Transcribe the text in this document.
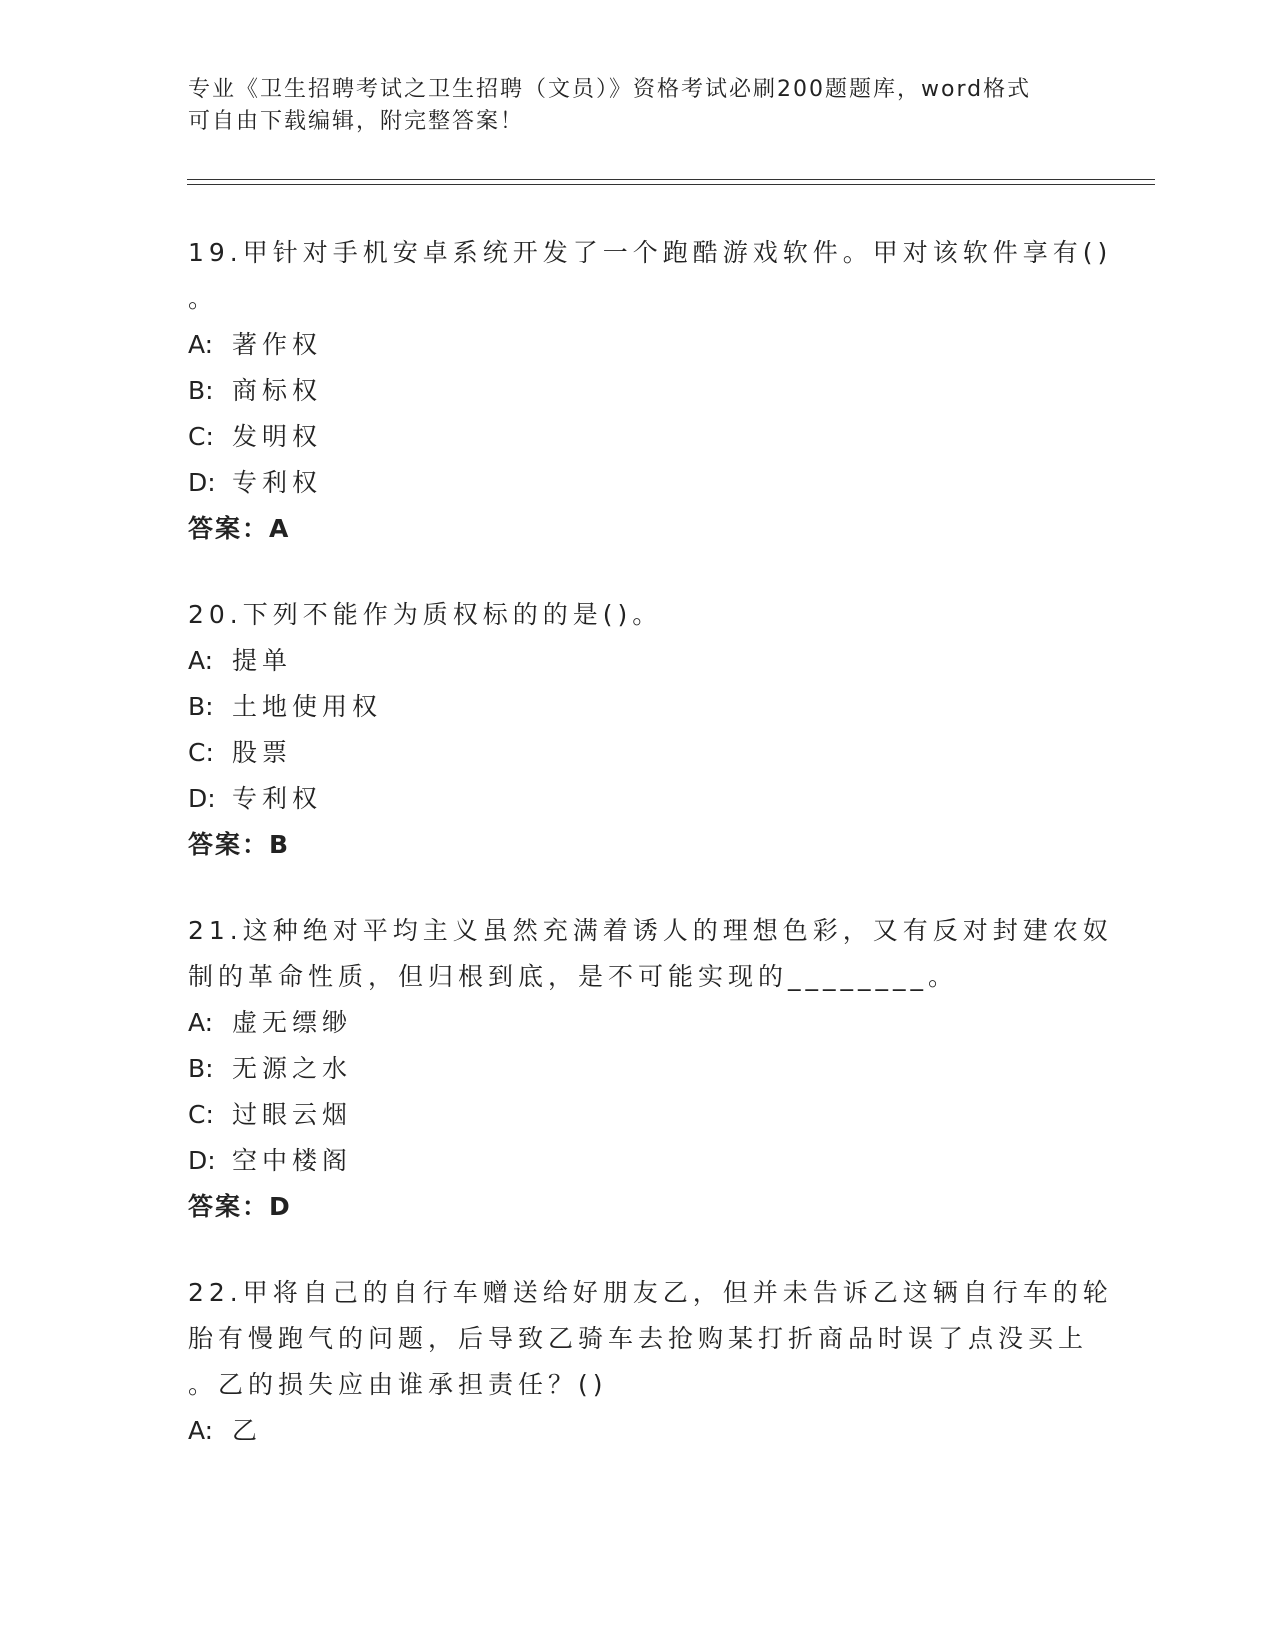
专业《卫生招聘考试之卫生招聘（文员）》资格考试必刷200题题库，word格式
可自由下载编辑，附完整答案！
19.甲针对手机安卓系统开发了一个跑酷游戏软件。甲对该软件享有()
。
A: 著作权
B: 商标权
C: 发明权
D: 专利权
答案：A
20.下列不能作为质权标的的是()。
A: 提单
B: 土地使用权
C: 股票
D: 专利权
答案：B
21.这种绝对平均主义虽然充满着诱人的理想色彩，又有反对封建农奴
制的革命性质，但归根到底，是不可能实现的________。
A: 虚无缥缈
B: 无源之水
C: 过眼云烟
D: 空中楼阁
答案：D
22.甲将自己的自行车赠送给好朋友乙，但并未告诉乙这辆自行车的轮
胎有慢跑气的问题，后导致乙骑车去抢购某打折商品时误了点没买上
。乙的损失应由谁承担责任？()
A: 乙
